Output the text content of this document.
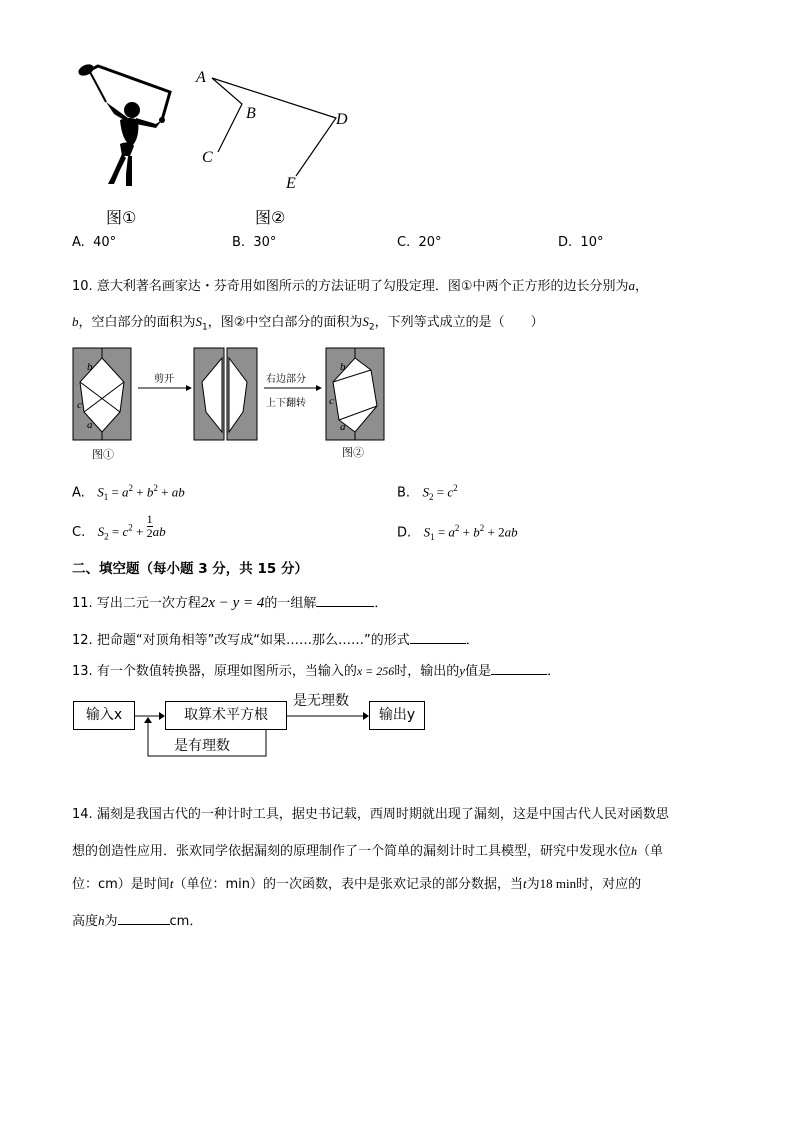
A
B
C
D
E
图①	图②
A. 40°	B. 30°	C. 20°	D. 10°
10. 意大利著名画家达・芬奇用如图所示的方法证明了勾股定理．图①中两个正方形的边长分别为a，
b，空白部分的面积为$S_1$，图②中空白部分的面积为$S_2$，下列等式成立的是（　　）
b
c
a
剪开	右边部分
上下翻转
b
c
a
图①	图②
A. $S_1 = a^2 + b^2$ + ab	B. $S_2 = c^2$
C. $S_2 = c^2 + 1$

2 ab	D. $S_1 = a^2 + b^2 + 2ab$
二、填空题（每小题 3 分，共 15 分）
11. 写出二元一次方程2x − y = 4的一组解	．
12. 把命题“对顶角相等”改写成“如果……那么……”的形式	．
13. 有一个数值转换器，原理如图所示，当输入的x = 256时，输出的y值是	．
输入x	取算术平方根	输出y
是无理数
是有理数
14. 漏刻是我国古代的一种计时工具，据史书记载，西周时期就出现了漏刻，这是中国古代人民对函数思
想的创造性应用．张欢同学依据漏刻的原理制作了一个简单的漏刻计时工具模型，研究中发现水位h（单
位：cm）是时间t（单位：min）的一次函数，表中是张欢记录的部分数据，当t为18 min时，对应的
高度h为	cm．
